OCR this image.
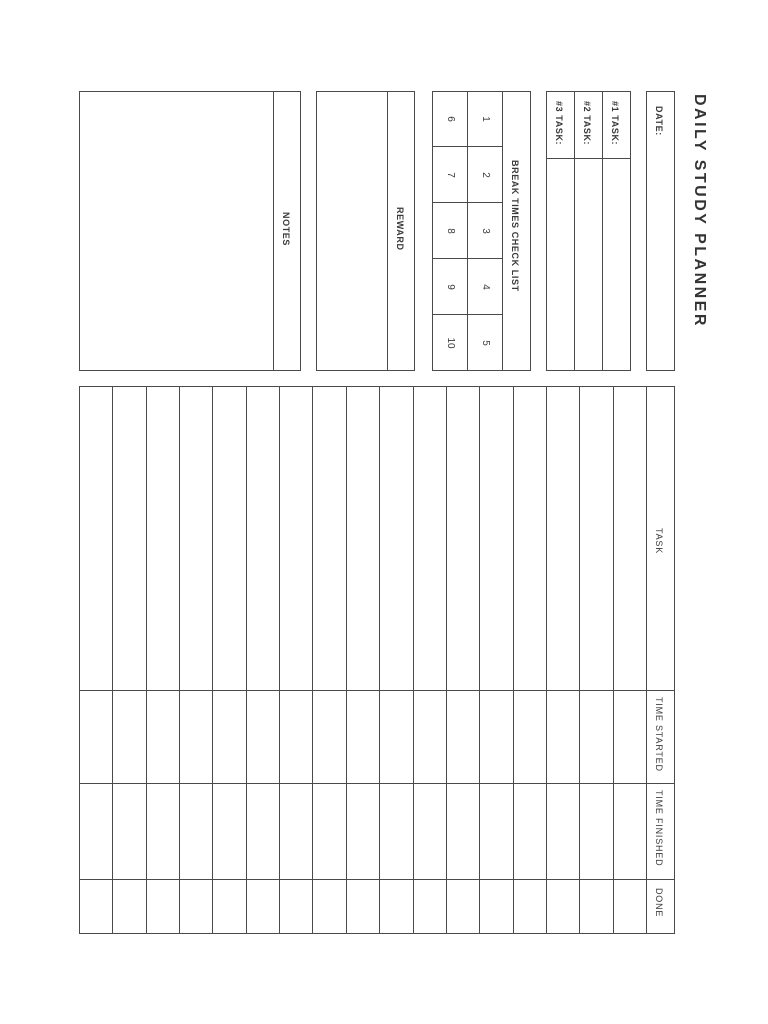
DAILY STUDY PLANNER
DATE:
#1 TASK:
#2 TASK:
#3 TASK:
BREAK TIMES CHECK LIST
1
2
3
4
5
6
7
8
9
10
REWARD
NOTES
TASK
TIME STARTED
TIME FINISHED
DONE
